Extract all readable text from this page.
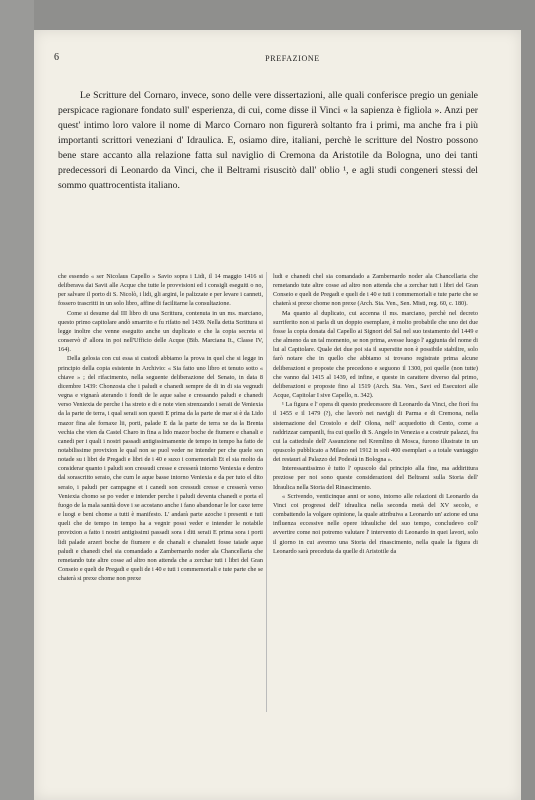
6	PREFAZIONE

Le Scritture del Cornaro, invece, sono delle vere dissertazioni, alle quali conferisce pregio un geniale perspicace ragionare fondato sull' esperienza, di cui, come disse il Vinci « la sapienza è figliola ». Anzi per quest' intimo loro valore il nome di Marco Cornaro non figurerà soltanto fra i primi, ma anche fra i più importanti scrittori veneziani d' Idraulica. E, osiamo dire, italiani, perchè le scritture del Nostro possono bene stare accanto alla relazione fatta sul naviglio di Cremona da Aristotile da Bologna, uno dei tanti predecessori di Leonardo da Vinci, che il Beltrami risuscitò dall' oblio ¹, e agli studi congeneri stessi del sommo quattrocentista italiano.

che essendo « ser Nicolaus Capello » Savio sopra i Lidi, il 14 maggio 1416 si deliberava dai Savii alle Acque che tutte le provvisioni ed i consigli eseguiti o no, per salvare il porto di S. Nicolò, i lidi, gli argini, le palizzate e per levare i canneti, fossero trascritti in un solo libro, affine di facilitarne la consultazione.

Come si desume dal III libro di una Scrittura, contenuta in un ms. marciano, questo primo capitolare andò smarrito e fu rifatto nel 1439. Nella detta Scrittura si legge inoltre che venne eseguito anche un duplicato e che la copia secreta si conservò d' allora in poi nell'Ufficio delle Acque (Bib. Marciana It., Classe IV, 164).

Della gelosia con cui essa si custodì abbiamo la prova in quel che si legge in principio della copia esistente in Archivio: « Sia fatto uno libro et tenuto sotto « chiave » ; del rifacimento, nella seguente deliberazione del Senato, in data 8 dicembre 1439: Chonzosia che i paludi e chanedi sempre de di in di sia vegnudi vegna e vignarà aterando i fondi de le aque salse e cressando paludi e chanedi verso Veniexia de perche i ha streto e di e note vien strenzando i seraii de Veniexia da la parte de terra, i qual seraii son questi E prima da la parte de mar si è da Lido mazor fina ale fornaxe lii, porti, palade E da la parte de terra xe da la Brenta vechia che vien da Castel Charo in fina a lido mazor boche de fiumere e chanali e canedi per i quali i nostri passadi antigissimamente de tempo in tempo ha fatto de notabilissime provixion le qual non se puol veder ne intender per che quele son notade su i libri de Pregadi e libri de i 40 e suxo i comemoriali Et el sia molto da considerar quanto i paludi son cressudi cresse e cresserà intorno Veniexia e dentro dal sorascritto seraio, che cum le aque basse intorno Veniexia e da per tuto el dito seraio, i paludi per campagne et i canedi son cressudi cresse e cresserà verso Veniexia chomo se po veder e intender perche i paludi deventa chanedi e porta el fuogo de la mala sanità dove i se acostano anche i fano abandonar le lor caxe terre e luogi e beni chome a tutti è manifesto. L' andarà parte azoche i presenti e tuti queli che de tempo in tempo ha a vegnir possi veder e intender le notabile provixion a fatto i nostri antigissimi passadi sora i diti seraii E prima sora i porti lidi palade arzeri boche de fiumere e de chanali e chanaleti fosse taiade aque paludi e chanedi chel sia comandado a Zambernardo noder ala Chancellaria che remetando tute altre cosse ad altro non attenda che a zerchar tuti i libri del Gran Conseio e queli de Pregadi e queli de i 40 e tuti i commemoriali e tute parte che se chaterà si prexe chome non prexe

ludi e chanedi chel sia comandado a Zambernardo noder ala Chancellaria che remetando tute altre cosse ad altro non attenda che a zerchar tuti i libri del Gran Conseio e queli de Pregadi e queli de i 40 e tuti i commemoriali e tute parte che se chaterà si prexe chome non prexe (Arch. Sta. Ven., Sen. Misti, reg. 60, c. 180).

Ma quanto al duplicato, cui accenna il ms. marciano, perchè nel decreto surriferito non si parla di un doppio esemplare, è molto probabile che uno dei due fosse la copia donata dal Capello ai Signori del Sal nel suo testamento del 1449 e che almeno da un tal momento, se non prima, avesse luogo l' aggiunta del nome di lui al Capitolare. Quale dei due poi sia il superstite non è possibile stabilire, solo farò notare che in quello che abbiamo si trovano registrate prima alcune deliberazioni e proposte che precedono e seguono il 1300, poi quelle (non tutte) che vanno dal 1415 al 1439, ed infine, e queste in carattere diverso dal primo, deliberazioni e proposte fino al 1519 (Arch. Sta. Ven., Savi ed Esecutori alle Acque, Capitolar I sive Capello, n. 342).

¹ La figura e l' opera di questo predecessore di Leonardo da Vinci, che fiorì fra il 1455 e il 1479 (?), che lavorò nei navigli di Parma e di Cremona, nella sistemazione del Crostolo e dell' Olona, nell' acquedotto di Cento, come a raddrizzar campanili, fra cui quello di S. Angelo in Venezia e a costruir palazzi, fra cui la cattedrale dell' Assunzione nel Kremlino di Mosca, furono illustrate in un opuscolo pubblicato a Milano nel 1912 in soli 400 esemplari « a totale vantaggio dei restauri al Palazzo del Podestà in Bologna ».

Interessantissimo è tutto l' opuscolo dal principio alla fine, ma addirittura preziose per noi sono queste considerazioni del Beltrami sulla Storia dell' Idraulica nella Storia del Rinascimento.

« Scrivendo, venticinque anni or sono, intorno alle relazioni di Leonardo da Vinci coi progressi dell' idraulica nella seconda metà del XV secolo, e combattendo la volgare opinione, la quale attribuiva a Leonardo un' azione ed una influenza eccessive nelle opere idrauliche del suo tempo, concludevo coll' avvertire come noi potremo valutare l' intervento di Leonardo in quei lavori, solo il giorno in cui avremo una Storia del rinascimento, nella quale la figura di Leonardo sarà preceduta da quelle di Aristotile da
